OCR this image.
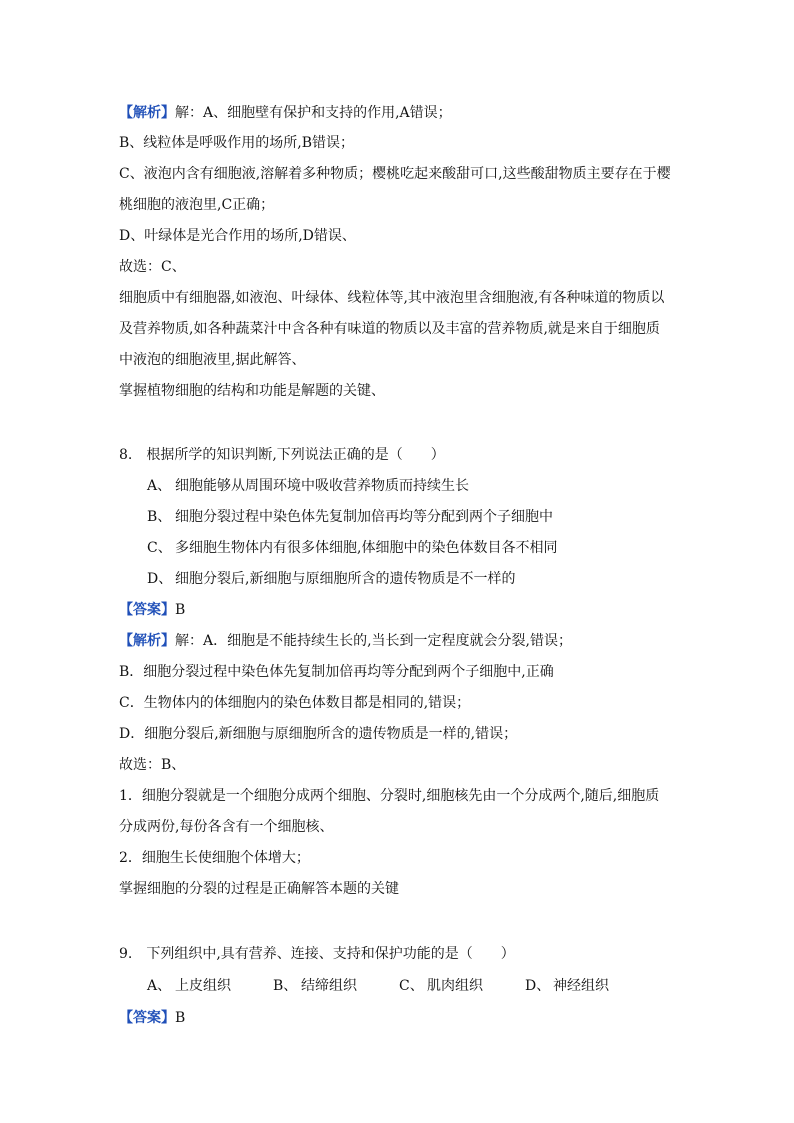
【解析】解：A、细胞壁有保护和支持的作用,A错误；
B、线粒体是呼吸作用的场所,B错误；
C、液泡内含有细胞液,溶解着多种物质；樱桃吃起来酸甜可口,这些酸甜物质主要存在于樱
桃细胞的液泡里,C正确；
D、叶绿体是光合作用的场所,D错误、
故选：C、
细胞质中有细胞器,如液泡、叶绿体、线粒体等,其中液泡里含细胞液,有各种味道的物质以
及营养物质,如各种蔬菜汁中含各种有味道的物质以及丰富的营养物质,就是来自于细胞质
中液泡的细胞液里,据此解答、
掌握植物细胞的结构和功能是解题的关键、
8.　根据所学的知识判断,下列说法正确的是（　　）
A、 细胞能够从周围环境中吸收营养物质而持续生长
B、 细胞分裂过程中染色体先复制加倍再均等分配到两个子细胞中
C、 多细胞生物体内有很多体细胞,体细胞中的染色体数目各不相同
D、 细胞分裂后,新细胞与原细胞所含的遗传物质是不一样的
【答案】B
【解析】解：A．细胞是不能持续生长的,当长到一定程度就会分裂,错误；
B．细胞分裂过程中染色体先复制加倍再均等分配到两个子细胞中,正确
C．生物体内的体细胞内的染色体数目都是相同的,错误；
D．细胞分裂后,新细胞与原细胞所含的遗传物质是一样的,错误；
故选：B、
1．细胞分裂就是一个细胞分成两个细胞、分裂时,细胞核先由一个分成两个,随后,细胞质
分成两份,每份各含有一个细胞核、
2．细胞生长使细胞个体增大；
掌握细胞的分裂的过程是正确解答本题的关键
9.　下列组织中,具有营养、连接、支持和保护功能的是（　　）
A、 上皮组织	B、 结缔组织	C、 肌肉组织	D、 神经组织
【答案】B
